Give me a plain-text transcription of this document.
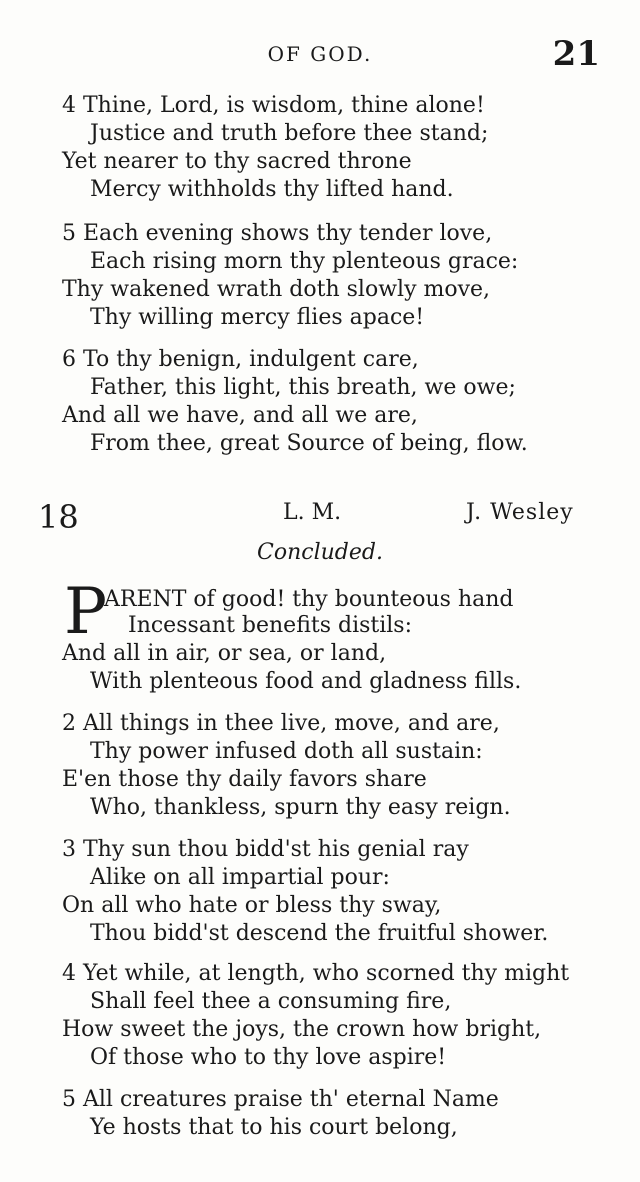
OF GOD.	21
4 Thine, Lord, is wisdom, thine alone!
Justice and truth before thee stand;
Yet nearer to thy sacred throne
Mercy withholds thy lifted hand.
5 Each evening shows thy tender love,
Each rising morn thy plenteous grace:
Thy wakened wrath doth slowly move,
Thy willing mercy flies apace!
6 To thy benign, indulgent care,
Father, this light, this breath, we owe;
And all we have, and all we are,
From thee, great Source of being, flow.
18	L. M.	J. Wesley
Concluded.
P
ARENT of good! thy bounteous hand
Incessant benefits distils:
And all in air, or sea, or land,
With plenteous food and gladness fills.
2 All things in thee live, move, and are,
Thy power infused doth all sustain:
E'en those thy daily favors share
Who, thankless, spurn thy easy reign.
3 Thy sun thou bidd'st his genial ray
Alike on all impartial pour:
On all who hate or bless thy sway,
Thou bidd'st descend the fruitful shower.
4 Yet while, at length, who scorned thy might
Shall feel thee a consuming fire,
How sweet the joys, the crown how bright,
Of those who to thy love aspire!
5 All creatures praise th' eternal Name
Ye hosts that to his court belong,
